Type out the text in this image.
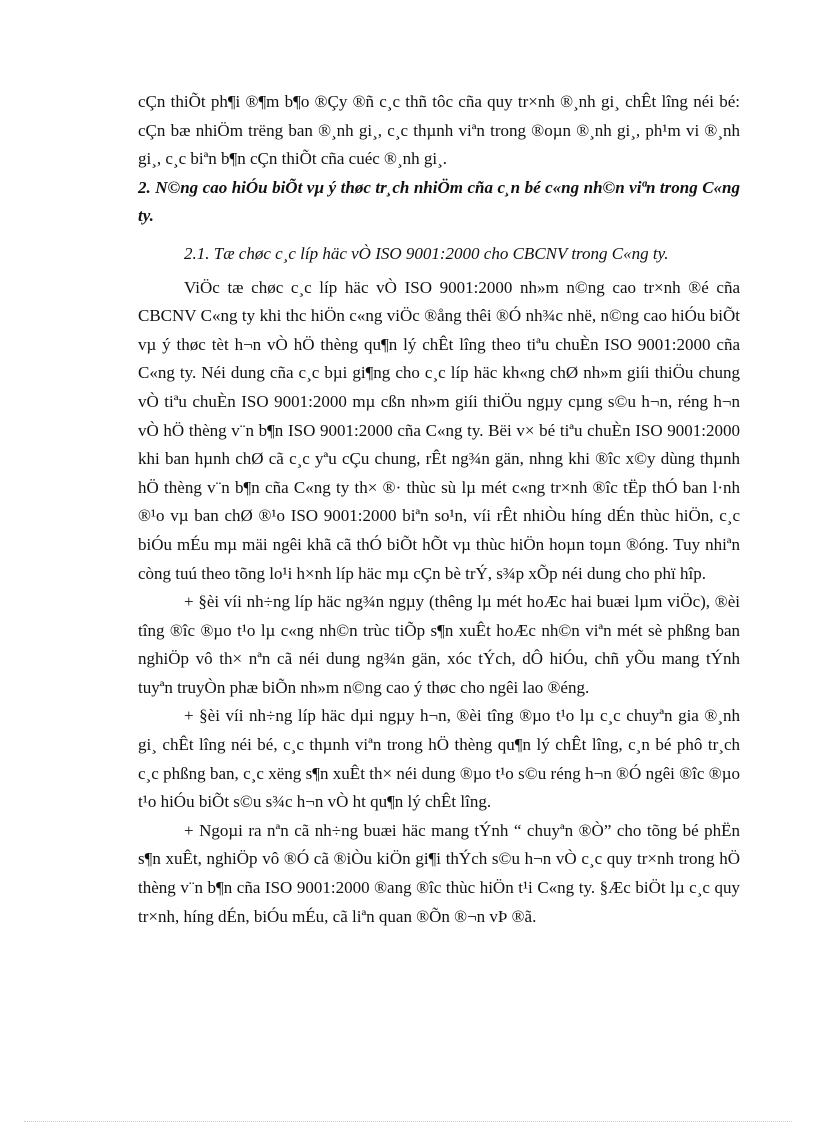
cÇn thiÕt ph¶i ®¶m b¶o ®Çy ®ñ c¸c thñ tôc cña quy tr×nh ®¸nh gi¸ chÊt lîng néi bé: cÇn bæ nhiÖm trëng ban ®¸nh gi¸, c¸c thµnh viªn trong ®oµn ®¸nh gi¸, ph¹m vi ®¸nh gi¸, c¸c biªn b¶n cÇn thiÕt cña cuéc ®¸nh gi¸.

2. N©ng cao hiÓu biÕt vµ ý thøc tr¸ch nhiÖm cña c¸n bé c«ng nh©n viªn trong C«ng ty.

2.1. Tæ chøc c¸c líp häc vÒ ISO 9001:2000 cho CBCNV trong C«ng ty.

ViÖc tæ chøc c¸c líp häc vÒ ISO 9001:2000 nh»m n©ng cao tr×nh ®é cña CBCNV C«ng ty khi thc hiÖn c«ng viÖc ®ång thêi ®Ó nh¾c nhë, n©ng cao hiÓu biÕt vµ ý thøc tèt h¬n vÒ hÖ thèng qu¶n lý chÊt lîng theo tiªu chuÈn ISO 9001:2000 cña C«ng ty. Néi dung cña c¸c bµi gi¶ng cho c¸c líp häc kh«ng chØ nh»m giíi thiÖu chung vÒ tiªu chuÈn ISO 9001:2000 mµ cßn nh»m giíi thiÖu ngµy cµng s©u h¬n, réng h¬n vÒ hÖ thèng v¨n b¶n ISO 9001:2000 cña C«ng ty. Bëi v× bé tiªu chuÈn ISO 9001:2000 khi ban hµnh chØ cã c¸c yªu cÇu chung, rÊt ng¾n gän, nhng khi ®îc x©y dùng thµnh hÖ thèng v¨n b¶n cña C«ng ty th× ®· thùc sù lµ mét c«ng tr×nh ®îc tËp thÓ ban l·nh ®¹o vµ ban chØ ®¹o ISO 9001:2000 biªn so¹n, víi rÊt nhiÒu híng dÉn thùc hiÖn, c¸c biÓu mÉu mµ mäi ngêi khã cã thÓ biÕt hÕt vµ thùc hiÖn hoµn toµn ®óng. Tuy nhiªn còng tuú theo tõng lo¹i h×nh líp häc mµ cÇn bè trÝ, s¾p xÕp néi dung cho phï hîp.

+ §èi víi nh÷ng líp häc ng¾n ngµy (thêng lµ mét hoÆc hai buæi lµm viÖc), ®èi tîng ®îc ®µo t¹o lµ c«ng nh©n trùc tiÕp s¶n xuÊt hoÆc nh©n viªn mét sè phßng ban nghiÖp vô th× nªn cã néi dung ng¾n gän, xóc tÝch, dÔ hiÓu, chñ yÕu mang tÝnh tuyªn truyÒn phæ biÕn nh»m n©ng cao ý thøc cho ngêi lao ®éng.

+ §èi víi nh÷ng líp häc dµi ngµy h¬n, ®èi tîng ®µo t¹o lµ c¸c chuyªn gia ®¸nh gi¸ chÊt lîng néi bé, c¸c thµnh viªn trong hÖ thèng qu¶n lý chÊt lîng, c¸n bé phô tr¸ch c¸c phßng ban, c¸c xëng s¶n xuÊt th× néi dung ®µo t¹o s©u réng h¬n ®Ó ngêi ®îc ®µo t¹o hiÓu biÕt s©u s¾c h¬n vÒ ht qu¶n lý chÊt lîng.

+ Ngoµi ra nªn cã nh÷ng buæi häc mang tÝnh “ chuyªn ®Ò” cho tõng bé phËn s¶n xuÊt, nghiÖp vô ®Ó cã ®iÒu kiÖn gi¶i thÝch s©u h¬n vÒ c¸c quy tr×nh trong hÖ thèng v¨n b¶n cña ISO 9001:2000 ®ang ®îc thùc hiÖn t¹i C«ng ty. §Æc biÖt lµ c¸c quy tr×nh, híng dÉn, biÓu mÉu, cã liªn quan ®Õn ®¬n vÞ ®ã.
